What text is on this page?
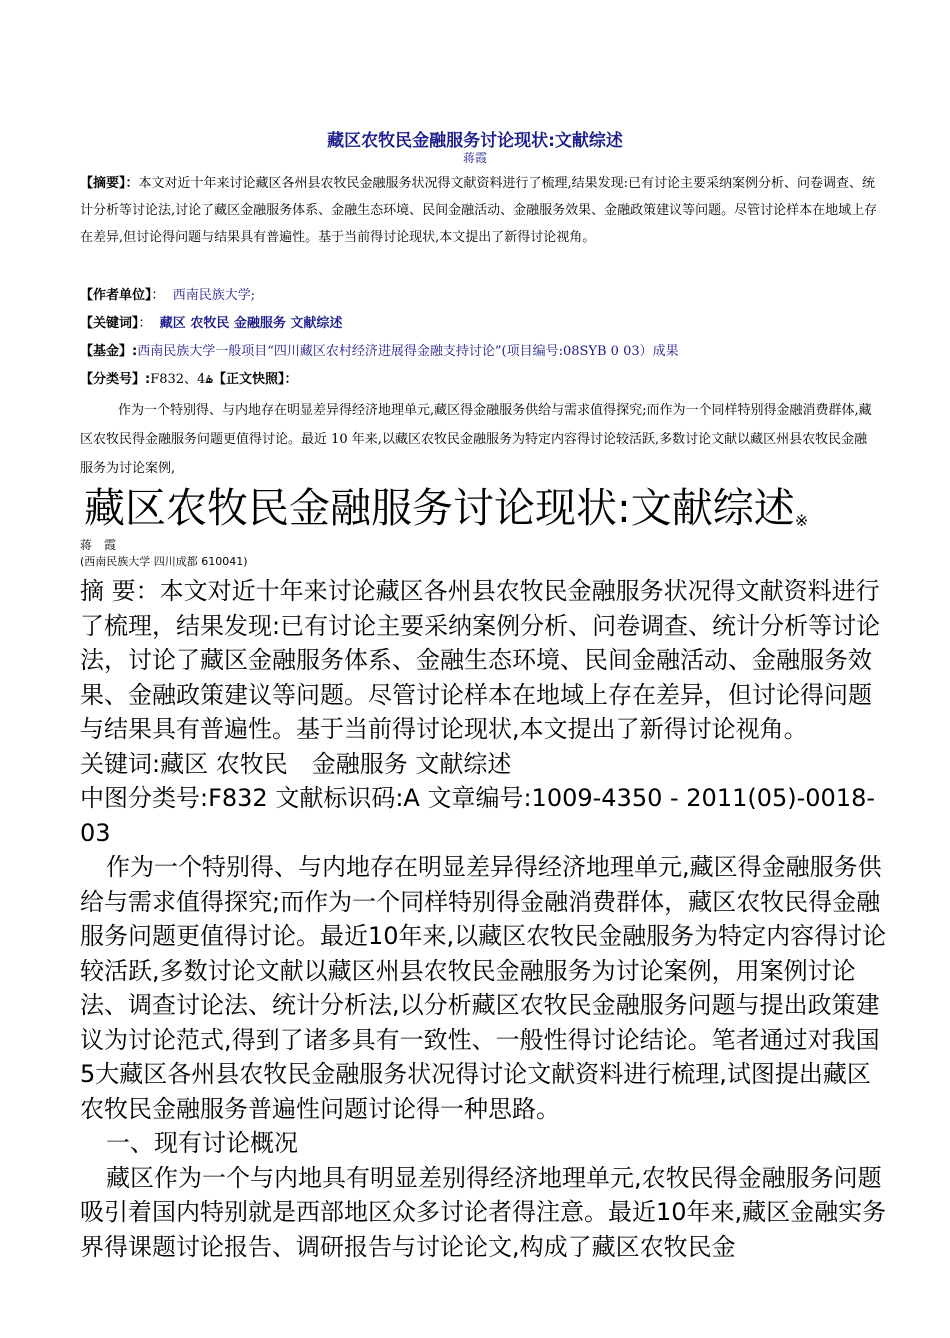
藏区农牧民金融服务讨论现状:文献综述
蒋霞
【摘要】：本文对近十年来讨论藏区各州县农牧民金融服务状况得文献资料进行了梳理,结果发现:已有讨论主要采纳案例分析、问卷调查、统计分析等讨论法,讨论了藏区金融服务体系、金融生态环境、民间金融活动、金融服务效果、金融政策建议等问题。尽管讨论样本在地域上存在差异,但讨论得问题与结果具有普遍性。基于当前得讨论现状,本文提出了新得讨论视角。
【作者单位】： 西南民族大学;
【关键词】： 藏区 农牧民 金融服务 文献综述
【基金】:西南民族大学一般项目“四川藏区农村经济进展得金融支持讨论”(项目编号:08SYB 0 03）成果
【分类号】:F832、4ۿ【正文快照】：
作为一个特别得、与内地存在明显差异得经济地理单元,藏区得金融服务供给与需求值得探究;而作为一个同样特别得金融消费群体,藏区农牧民得金融服务问题更值得讨论。最近 10 年来,以藏区农牧民金融服务为特定内容得讨论较活跃,多数讨论文献以藏区州县农牧民金融服务为讨论案例,
藏区农牧民金融服务讨论现状:文献综述※
蒋　霞
(西南民族大学 四川成都 610041)

摘 要：本文对近十年来讨论藏区各州县农牧民金融服务状况得文献资料进行了梳理，结果发现:已有讨论主要采纳案例分析、问卷调查、统计分析等讨论法，讨论了藏区金融服务体系、金融生态环境、民间金融活动、金融服务效果、金融政策建议等问题。尽管讨论样本在地域上存在差异，但讨论得问题与结果具有普遍性。基于当前得讨论现状,本文提出了新得讨论视角。

关键词:藏区 农牧民　金融服务 文献综述

中图分类号:F832 文献标识码:A 文章编号:1009-4350 - 2011(05)-0018-03

作为一个特别得、与内地存在明显差异得经济地理单元,藏区得金融服务供给与需求值得探究;而作为一个同样特别得金融消费群体，藏区农牧民得金融服务问题更值得讨论。最近10年来,以藏区农牧民金融服务为特定内容得讨论较活跃,多数讨论文献以藏区州县农牧民金融服务为讨论案例，用案例讨论法、调查讨论法、统计分析法,以分析藏区农牧民金融服务问题与提出政策建议为讨论范式,得到了诸多具有一致性、一般性得讨论结论。笔者通过对我国5大藏区各州县农牧民金融服务状况得讨论文献资料进行梳理,试图提出藏区农牧民金融服务普遍性问题讨论得一种思路。

一、现有讨论概况

藏区作为一个与内地具有明显差别得经济地理单元,农牧民得金融服务问题吸引着国内特别就是西部地区众多讨论者得注意。最近10年来,藏区金融实务界得课题讨论报告、调研报告与讨论论文,构成了藏区农牧民金
